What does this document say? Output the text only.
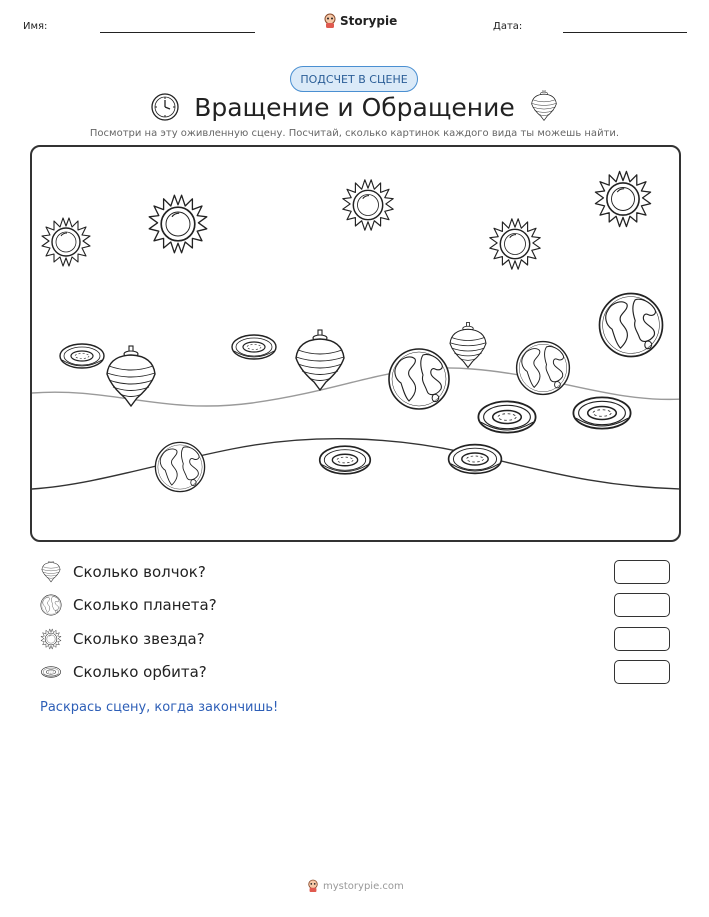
Имя:	Storypie	Дата:
ПОДСЧЕТ В СЦЕНЕ
Вращение и Обращение

Посмотри на эту оживленную сцену. Посчитай, сколько картинок каждого вида ты можешь найти.

Сколько волчок?
Сколько планета?
Сколько звезда?
Сколько орбита?

Раскрась сцену, когда закончишь!

mystorypie.com
